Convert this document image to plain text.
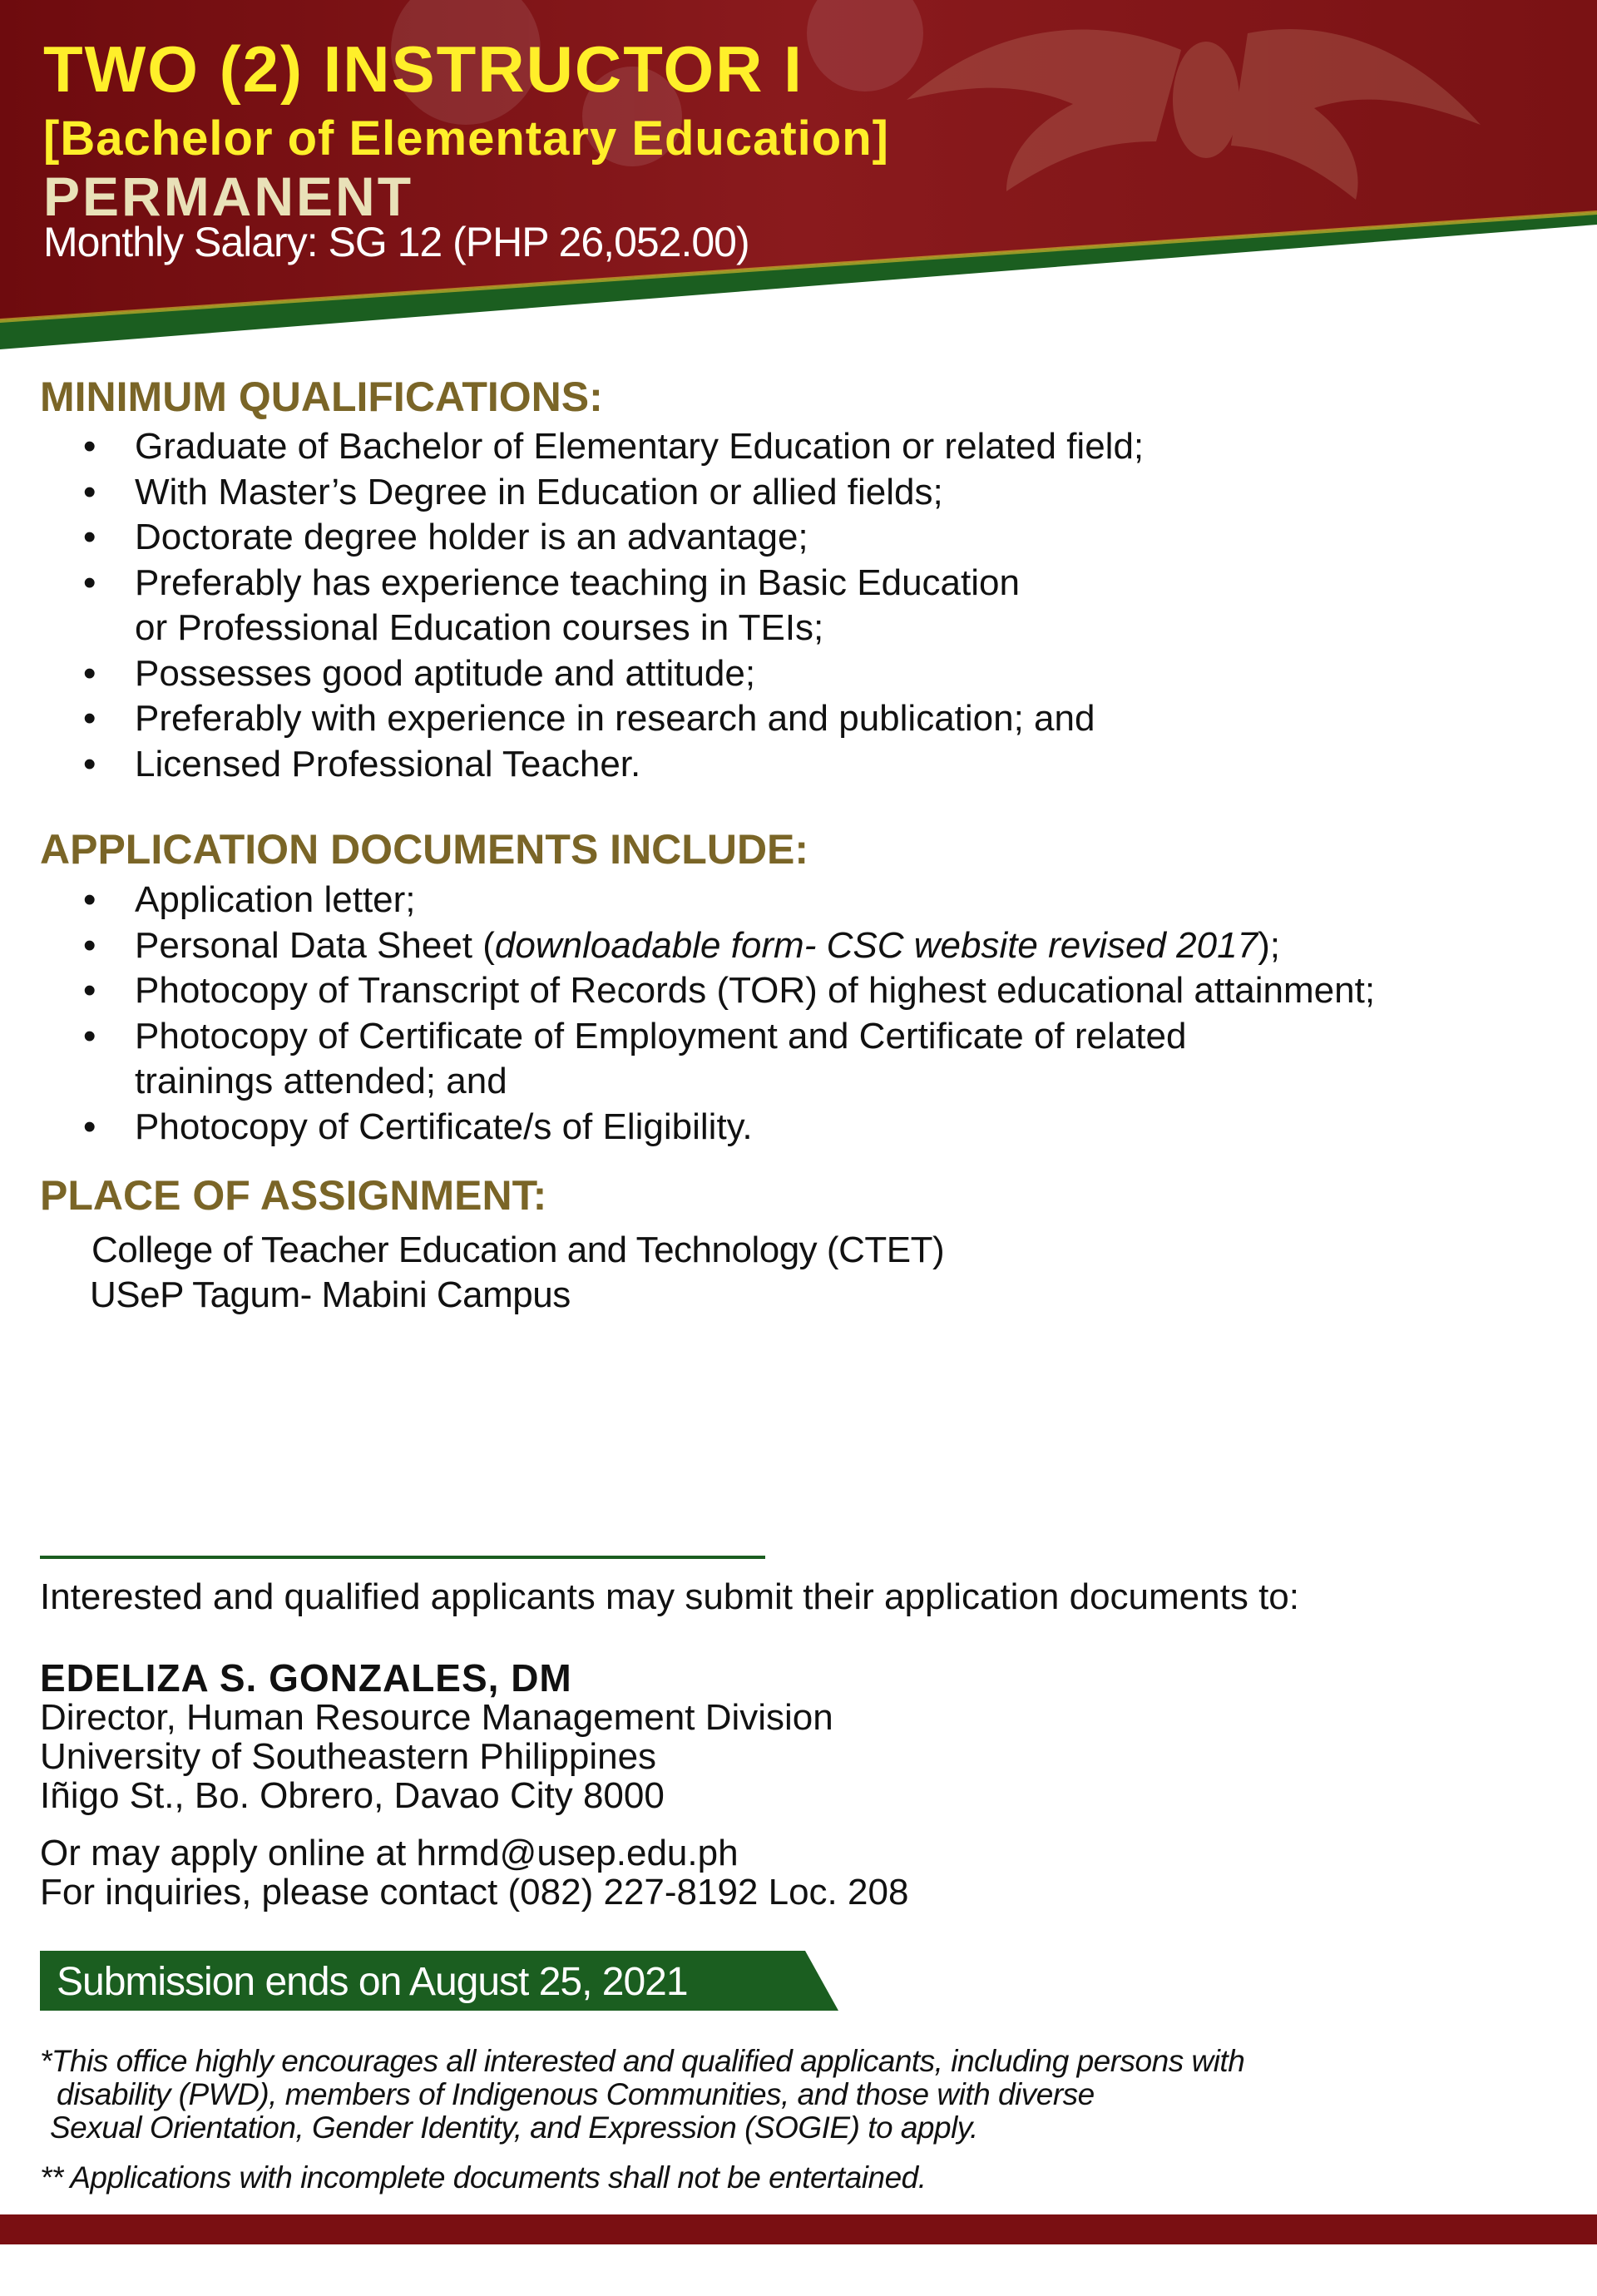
TWO (2) INSTRUCTOR I
[Bachelor of Elementary Education]
PERMANENT
Monthly Salary: SG 12 (PHP 26,052.00)
MINIMUM QUALIFICATIONS:
• Graduate of Bachelor of Elementary Education or related field;
• With Master’s Degree in Education or allied fields;
• Doctorate degree holder is an advantage;
• Preferably has experience teaching in Basic Education
or Professional Education courses in TEIs;
• Possesses good aptitude and attitude;
• Preferably with experience in research and publication; and
• Licensed Professional Teacher.
APPLICATION DOCUMENTS INCLUDE:
• Application letter;
• Personal Data Sheet (downloadable form- CSC website revised 2017);
• Photocopy of Transcript of Records (TOR) of highest educational attainment;
• Photocopy of Certificate of Employment and Certificate of related
trainings attended; and
• Photocopy of Certificate/s of Eligibility.
PLACE OF ASSIGNMENT:
College of Teacher Education and Technology (CTET)
USeP Tagum- Mabini Campus

Interested and qualified applicants may submit their application documents to:

EDELIZA S. GONZALES, DM

Director, Human Resource Management Division

University of Southeastern Philippines

Iñigo St., Bo. Obrero, Davao City 8000

Or may apply online at hrmd@usep.edu.ph

For inquiries, please contact (082) 227-8192 Loc. 208

Submission ends on August 25, 2021

*This office highly encourages all interested and qualified applicants, including persons with
disability (PWD), members of Indigenous Communities, and those with diverse
Sexual Orientation, Gender Identity, and Expression (SOGIE) to apply.

** Applications with incomplete documents shall not be entertained.
